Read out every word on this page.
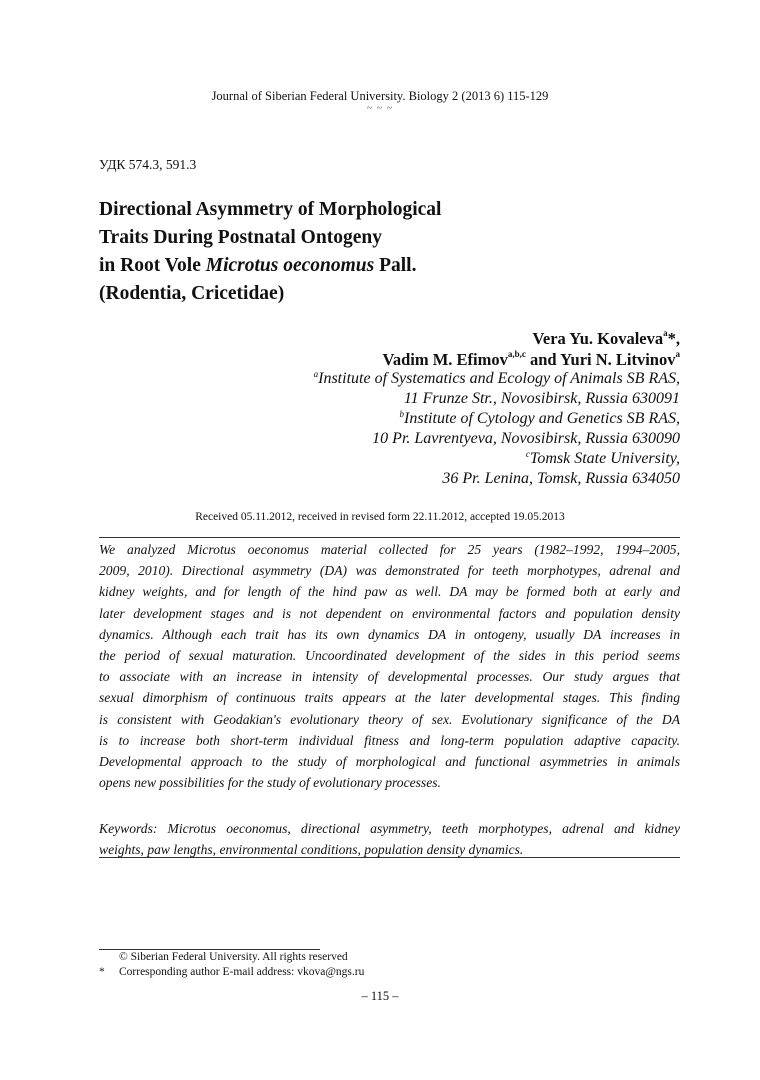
Journal of Siberian Federal University. Biology 2 (2013 6) 115-129
~ ~ ~
УДК 574.3, 591.3
Directional Asymmetry of Morphological
Traits During Postnatal Ontogeny
in Root Vole Microtus oeconomus Pall.
(Rodentia, Cricetidae)
Vera Yu. Kovaleva$^a$*,
Vadim M. Efimov$^{a,b,c}$ and Yuri N. Litvinov$^a$
$^a$Institute of Systematics and Ecology of Animals SB RAS,
11 Frunze Str., Novosibirsk, Russia 630091
$^b$Institute of Cytology and Genetics SB RAS,
10 Pr. Lavrentyeva, Novosibirsk, Russia 630090
$^c$Tomsk State University,
36 Pr. Lenina, Tomsk, Russia 634050
Received 05.11.2012, received in revised form 22.11.2012, accepted 19.05.2013
We analyzed Microtus oeconomus material collected for 25 years (1982–1992, 1994–2005,
2009, 2010). Directional asymmetry (DA) was demonstrated for teeth morphotypes, adrenal and
kidney weights, and for length of the hind paw as well. DA may be formed both at early and
later development stages and is not dependent on environmental factors and population density
dynamics. Although each trait has its own dynamics DA in ontogeny, usually DA increases in
the period of sexual maturation. Uncoordinated development of the sides in this period seems
to associate with an increase in intensity of developmental processes. Our study argues that
sexual dimorphism of continuous traits appears at the later developmental stages. This finding
is consistent with Geodakian's evolutionary theory of sex. Evolutionary significance of the DA
is to increase both short-term individual fitness and long-term population adaptive capacity.
Developmental approach to the study of morphological and functional asymmetries in animals
opens new possibilities for the study of evolutionary processes.
Keywords: Microtus oeconomus, directional asymmetry, teeth morphotypes, adrenal and kidney
weights, paw lengths, environmental conditions, population density dynamics.
© Siberian Federal University. All rights reserved
* Corresponding author E-mail address: vkova@ngs.ru
– 115 –
